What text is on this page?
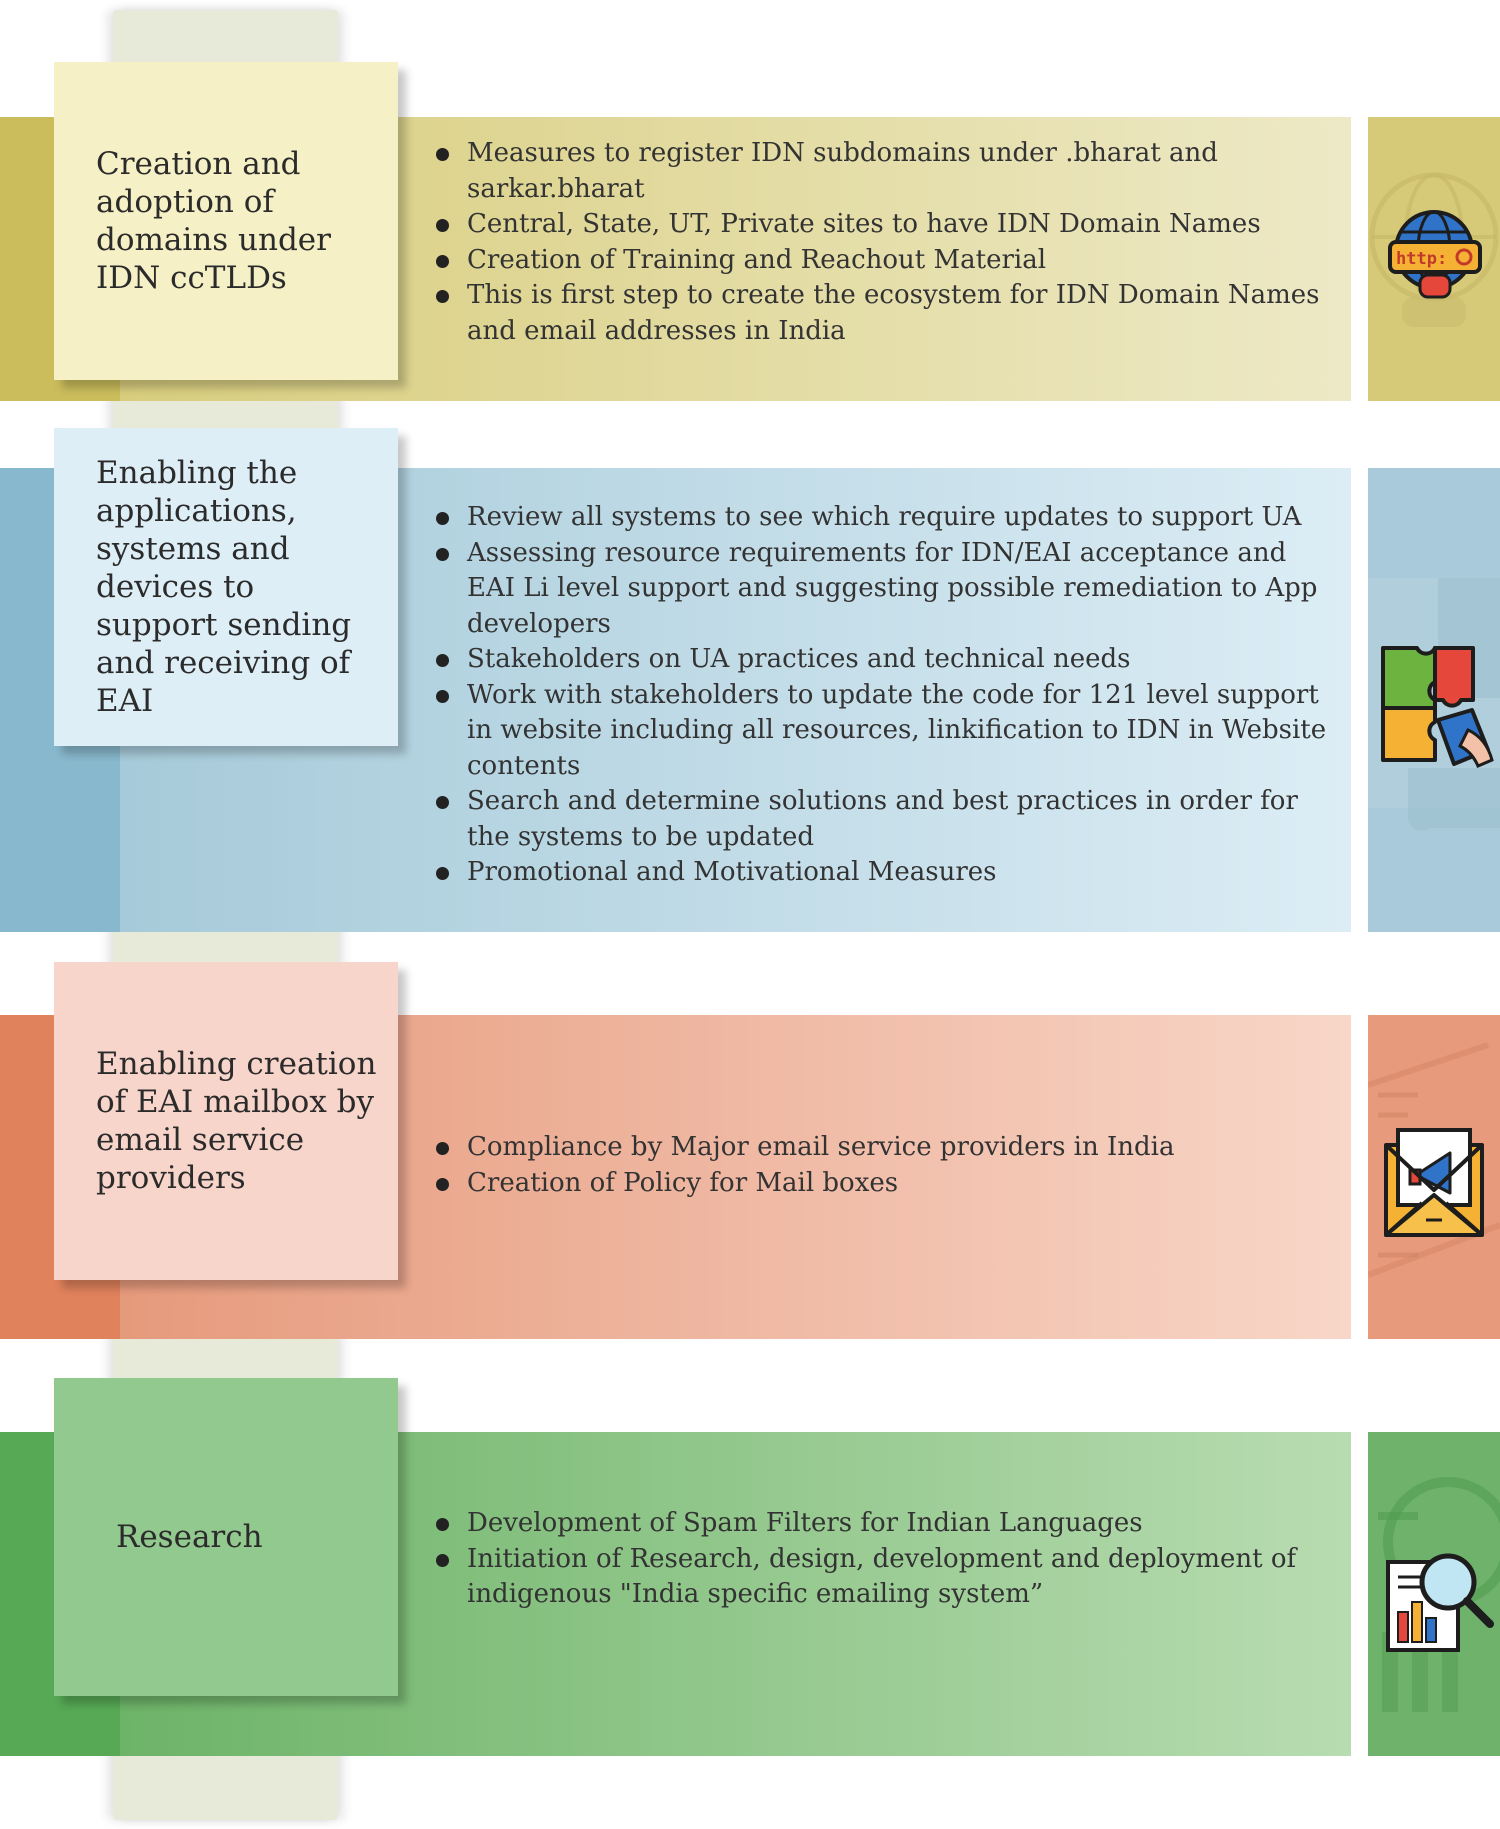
http:
Creation and adoption of domains under IDN ccTLDs
Measures to register IDN subdomains under .bharat and sarkar.bharat
Central, State, UT, Private sites to have IDN Domain Names
Creation of Training and Reachout Material
This is first step to create the ecosystem for IDN Domain Names and email addresses in India
Enabling the applications, systems and devices to support sending and receiving of EAI
Review all systems to see which require updates to support UA
Assessing resource requirements for IDN/EAI acceptance and EAI Li level support and suggesting possible remediation to App developers
Stakeholders on UA practices and technical needs
Work with stakeholders to update the code for 121 level support in website including all resources, linkification to IDN in Website contents
Search and determine solutions and best practices in order for the systems to be updated
Promotional and Motivational Measures
Enabling creation of EAI mailbox by email service providers
Compliance by Major email service providers in India
Creation of Policy for Mail boxes
Research	Development of Spam Filters for Indian Languages
Initiation of Research, design, development and deployment of indigenous "India specific emailing system”
